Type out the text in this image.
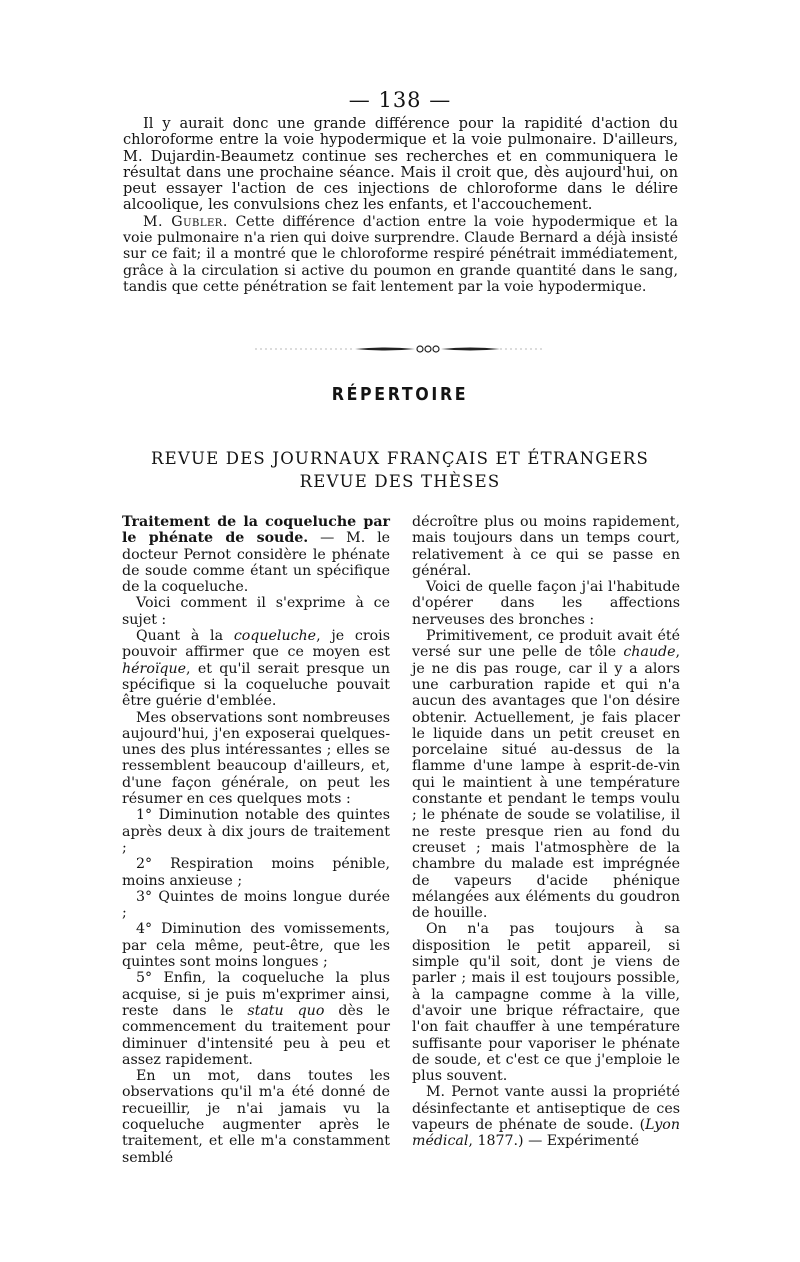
— 138 —

Il y aurait donc une grande différence pour la rapidité d'action du chloroforme entre la voie hypodermique et la voie pulmonaire. D'ailleurs, M. Dujardin-Beaumetz continue ses recherches et en communiquera le résultat dans une prochaine séance. Mais il croit que, dès aujourd'hui, on peut essayer l'action de ces injections de chloroforme dans le délire alcoolique, les convulsions chez les enfants, et l'accouchement.

M. Gubler. Cette différence d'action entre la voie hypodermique et la voie pulmonaire n'a rien qui doive surprendre. Claude Bernard a déjà insisté sur ce fait; il a montré que le chloroforme respiré pénétrait immédiatement, grâce à la circulation si active du poumon en grande quantité dans le sang, tandis que cette pénétration se fait lentement par la voie hypodermique.

RÉPERTOIRE
REVUE DES JOURNAUX FRANÇAIS ET ÉTRANGERS
REVUE DES THÈSES

Traitement de la coqueluche par le phénate de soude. — M. le docteur Pernot considère le phénate de soude comme étant un spécifique de la coqueluche.

Voici comment il s'exprime à ce sujet :

Quant à la coqueluche, je crois pouvoir affirmer que ce moyen est héroïque, et qu'il serait presque un spécifique si la coqueluche pouvait être guérie d'emblée.

Mes observations sont nombreuses aujourd'hui, j'en exposerai quelques-unes des plus intéressantes ; elles se ressemblent beaucoup d'ailleurs, et, d'une façon générale, on peut les résumer en ces quelques mots :

1° Diminution notable des quintes après deux à dix jours de traitement ;

2° Respiration moins pénible, moins anxieuse ;

3° Quintes de moins longue durée ;

4° Diminution des vomissements, par cela même, peut-être, que les quintes sont moins longues ;

5° Enfin, la coqueluche la plus acquise, si je puis m'exprimer ainsi, reste dans le statu quo dès le commencement du traitement pour diminuer d'intensité peu à peu et assez rapidement.

En un mot, dans toutes les observations qu'il m'a été donné de recueillir, je n'ai jamais vu la coqueluche augmenter après le traitement, et elle m'a constamment semblé

décroître plus ou moins rapidement, mais toujours dans un temps court, relativement à ce qui se passe en général.

Voici de quelle façon j'ai l'habitude d'opérer dans les affections nerveuses des bronches :

Primitivement, ce produit avait été versé sur une pelle de tôle chaude, je ne dis pas rouge, car il y a alors une carburation rapide et qui n'a aucun des avantages que l'on désire obtenir. Actuellement, je fais placer le liquide dans un petit creuset en porcelaine situé au-dessus de la flamme d'une lampe à esprit-de-vin qui le maintient à une température constante et pendant le temps voulu ; le phénate de soude se volatilise, il ne reste presque rien au fond du creuset ; mais l'atmosphère de la chambre du malade est imprégnée de vapeurs d'acide phénique mélangées aux éléments du goudron de houille.

On n'a pas toujours à sa disposition le petit appareil, si simple qu'il soit, dont je viens de parler ; mais il est toujours possible, à la campagne comme à la ville, d'avoir une brique réfractaire, que l'on fait chauffer à une température suffisante pour vaporiser le phénate de soude, et c'est ce que j'emploie le plus souvent.

M. Pernot vante aussi la propriété désinfectante et antiseptique de ces vapeurs de phénate de soude. (Lyon médical, 1877.) — Expérimenté
